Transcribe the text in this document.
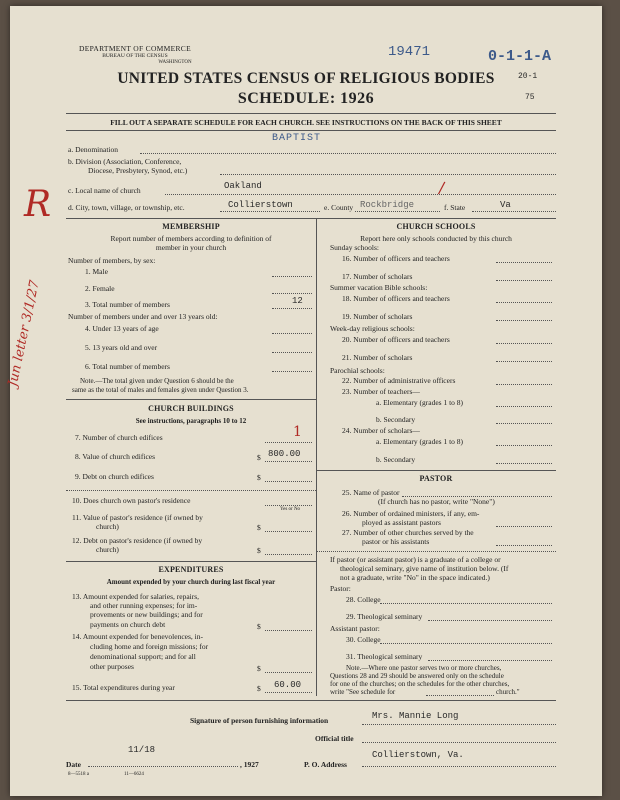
DEPARTMENT OF COMMERCE
BUREAU OF THE CENSUS
WASHINGTON
19471	0-1-1-A
20-1
75
UNITED STATES CENSUS OF RELIGIOUS BODIES
SCHEDULE: 1926
FILL OUT A SEPARATE SCHEDULE FOR EACH CHURCH. SEE INSTRUCTIONS ON THE BACK OF THIS SHEET
BAPTIST
a. Denomination
b. Division (Association, Conference,
Diocese, Presbytery, Synod, etc.)
c. Local name of church	Oakland
d. City, town, village, or township, etc.	Collierstown	e. County Rockbridge
/
f. State	Va
R
Jun letter 3/1/27
MEMBERSHIP
Report number of members according to definition of
member in your church
Number of members, by sex:
1. Male
2. Female
3. Total number of members	12
Number of members under and over 13 years old:
4. Under 13 years of age
5. 13 years old and over
6. Total number of members
Note.—The total given under Question 6 should be the
same as the total of males and females given under Question 3.
CHURCH BUILDINGS
See instructions, paragraphs 10 to 12
7. Number of church edifices	1
8. Value of church edifices	$ 800.00
9. Debt on church edifices	$
10. Does church own pastor's residence
Yes or No
11. Value of pastor's residence (if owned by
church)	$
12. Debt on pastor's residence (if owned by
church)	$
EXPENDITURES
Amount expended by your church during last fiscal year
13. Amount expended for salaries, repairs,
and other running expenses; for im-
provements or new buildings; and for
payments on church debt	$
14. Amount expended for benevolences, in-
cluding home and foreign missions; for
denominational support; and for all
other purposes	$
15. Total expenditures during year	$ 60.00
CHURCH SCHOOLS
Report here only schools conducted by this church
Sunday schools:
16. Number of officers and teachers
17. Number of scholars
Summer vacation Bible schools:
18. Number of officers and teachers
19. Number of scholars
Week-day religious schools:
20. Number of officers and teachers
21. Number of scholars
Parochial schools:
22. Number of administrative officers
23. Number of teachers—
a. Elementary (grades 1 to 8)
b. Secondary
24. Number of scholars—
a. Elementary (grades 1 to 8)
b. Secondary
PASTOR
25. Name of pastor
(If church has no pastor, write "None")
26. Number of ordained ministers, if any, em-
ployed as assistant pastors
27. Number of other churches served by the
pastor or his assistants
If pastor (or assistant pastor) is a graduate of a college or
theological seminary, give name of institution below. (If
not a graduate, write "No" in the space indicated.)
Pastor:
28. College
29. Theological seminary
Assistant pastor:
30. College
31. Theological seminary
Note.—Where one pastor serves two or more churches,
Questions 28 and 29 should be answered only on the schedule
for one of the churches; on the schedules for the other churches,
write "See schedule for	church."
Signature of person furnishing information	Mrs. Mannie Long
Official title
Date
11/18
, 1927	P. O. Address
Collierstown, Va.
8—5518 a	11—6624
